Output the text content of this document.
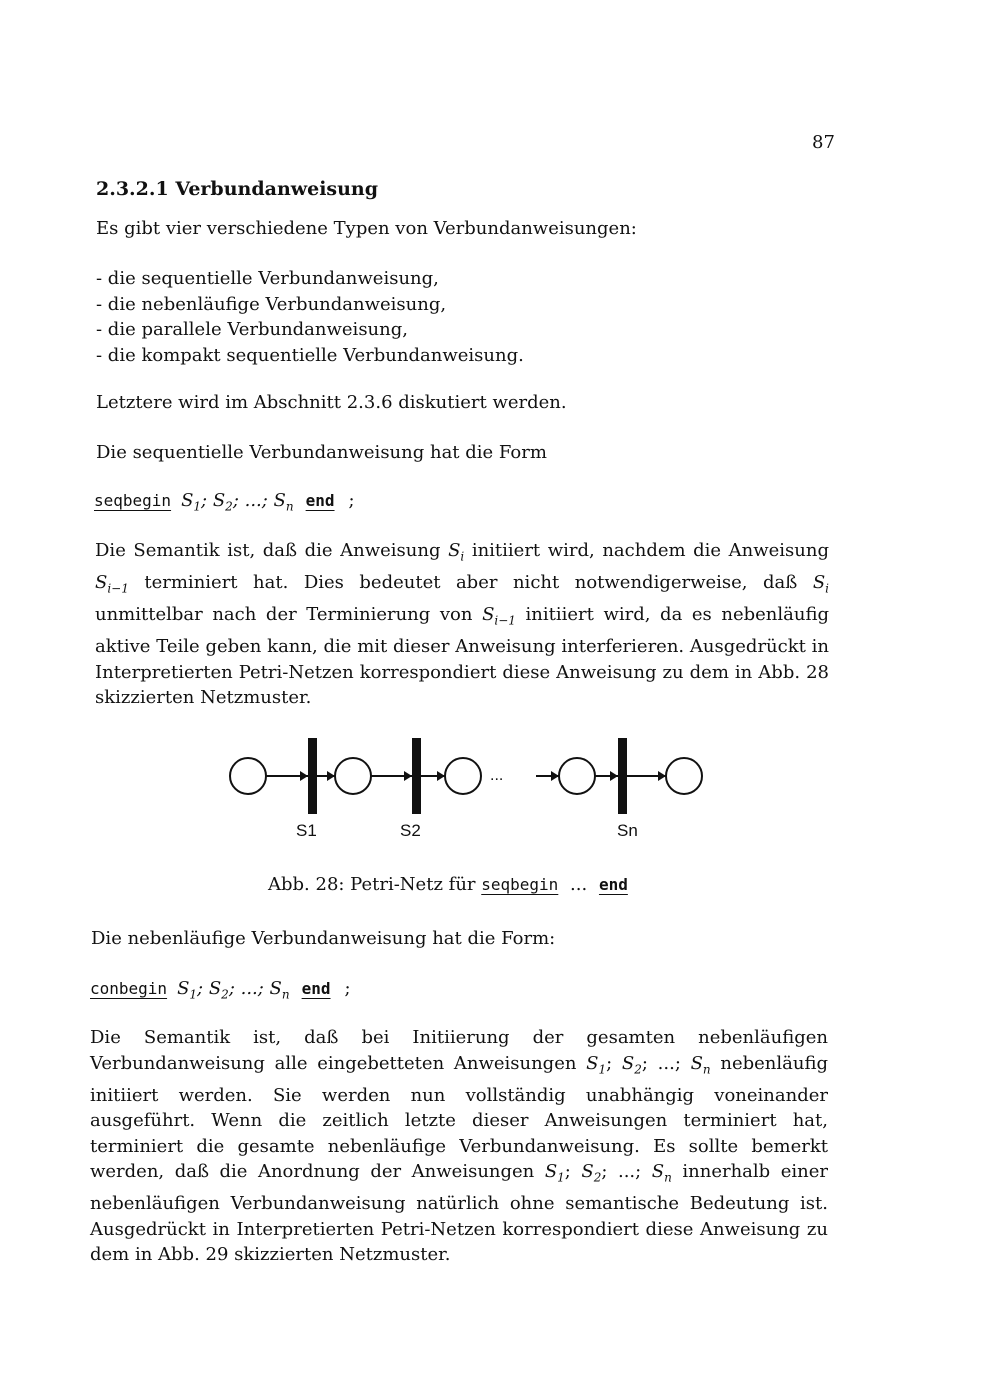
87
2.3.2.1 Verbundanweisung

Es gibt vier verschiedene Typen von Verbundanweisungen:

- die sequentielle Verbundanweisung,
- die nebenläufige Verbundanweisung,
- die parallele Verbundanweisung,
- die kompakt sequentielle Verbundanweisung.

Letztere wird im Abschnitt 2.3.6 diskutiert werden.

Die sequentielle Verbundanweisung hat die Form

seqbegin $S_1$; $S_2$; ...; $S_n$ end ;

Die Semantik ist, daß die Anweisung $S_i$ initiiert wird, nachdem die Anweisung $S_{i-1}$ terminiert hat. Dies bedeutet aber nicht notwendigerweise, daß $S_i$ unmittelbar nach der Terminierung von $S_{i-1}$ initiiert wird, da es nebenläufig aktive Teile geben kann, die mit dieser Anweisung interferieren. Ausgedrückt in Interpretierten Petri-Netzen korrespondiert diese Anweisung zu dem in Abb. 28 skizzierten Netzmuster.

...
S1	S2	Sn
Abb. 28: Petri-Netz für seqbegin ... end

Die nebenläufige Verbundanweisung hat die Form:

conbegin $S_1$; $S_2$; ...; $S_n$ end ;

Die Semantik ist, daß bei Initiierung der gesamten nebenläufigen Verbundanweisung alle eingebetteten Anweisungen $S_1$; $S_2$; ...; $S_n$ nebenläufig initiiert werden. Sie werden nun vollständig unabhängig voneinander ausgeführt. Wenn die zeitlich letzte dieser Anweisungen terminiert hat, terminiert die gesamte nebenläufige Verbundanweisung. Es sollte bemerkt werden, daß die Anordnung der Anweisungen $S_1$; $S_2$; ...; $S_n$ innerhalb einer nebenläufigen Verbundanweisung natürlich ohne semantische Bedeutung ist. Ausgedrückt in Interpretierten Petri-Netzen korrespondiert diese Anweisung zu dem in Abb. 29 skizzierten Netzmuster.
